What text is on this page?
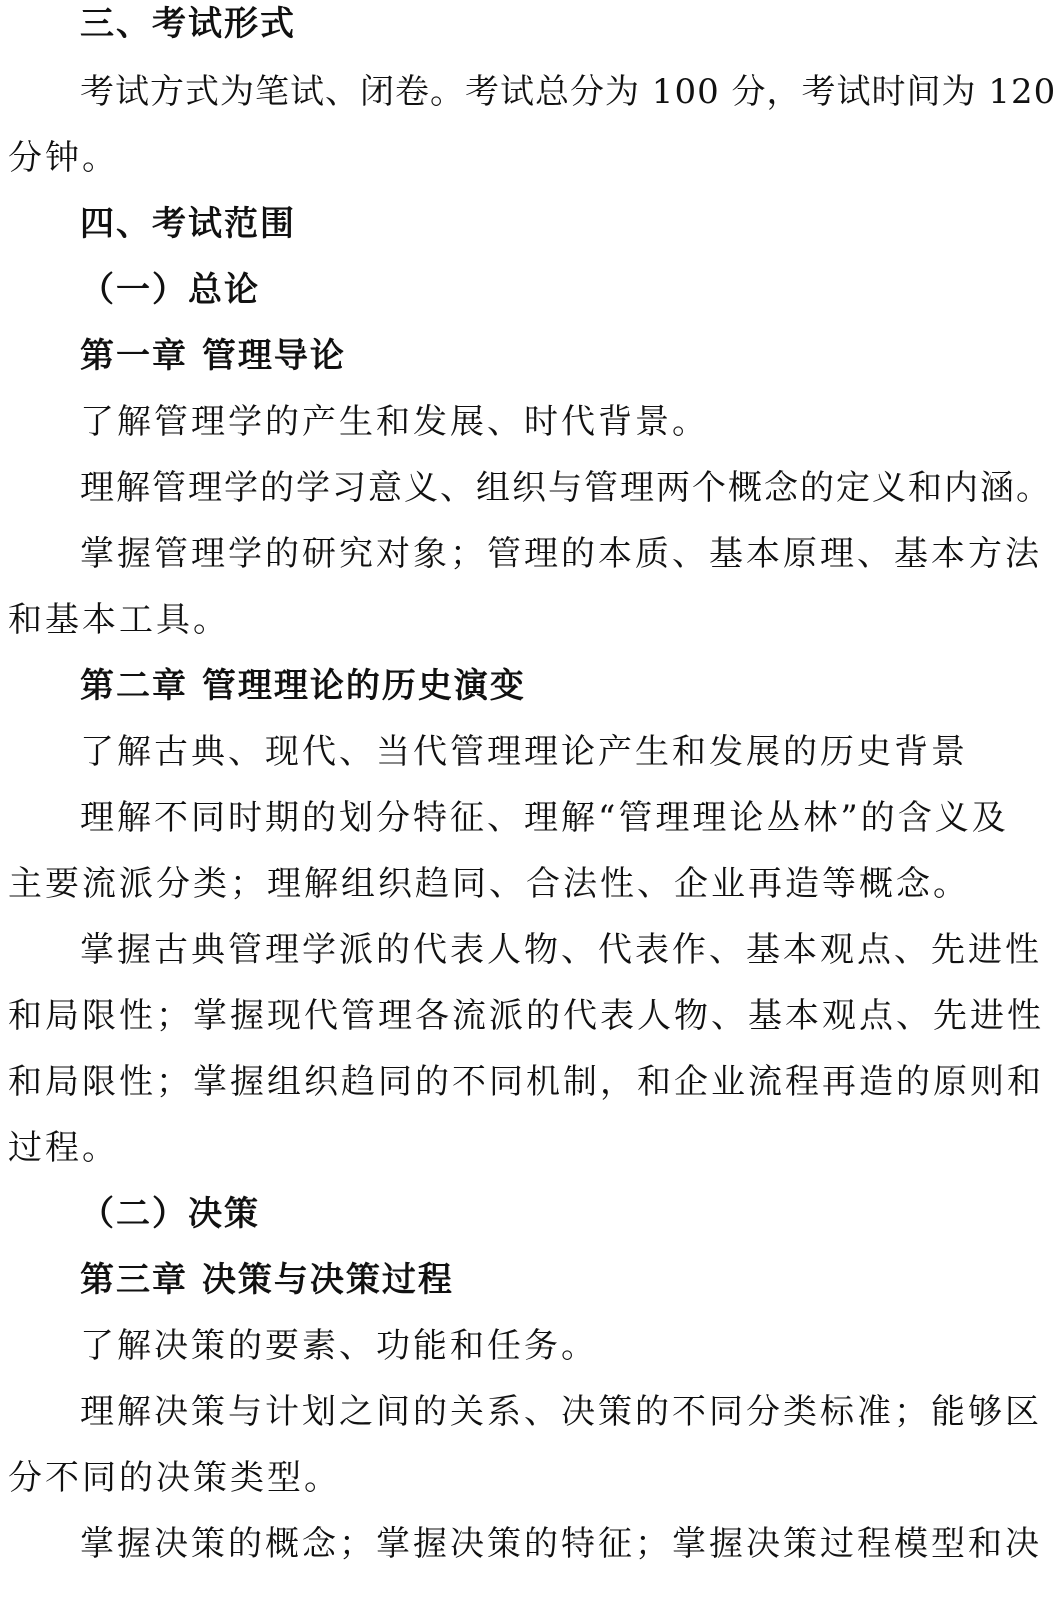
三、考试形式

考试方式为笔试、闭卷。考试总分为 100 分，考试时间为 120

分钟。

四、考试范围

（一）总论

第一章 管理导论

了解管理学的产生和发展、时代背景。

理解管理学的学习意义、组织与管理两个概念的定义和内涵。

掌握管理学的研究对象；管理的本质、基本原理、基本方法

和基本工具。

第二章 管理理论的历史演变

了解古典、现代、当代管理理论产生和发展的历史背景

理解不同时期的划分特征、理解“管理理论丛林”的含义及

主要流派分类；理解组织趋同、合法性、企业再造等概念。

掌握古典管理学派的代表人物、代表作、基本观点、先进性

和局限性；掌握现代管理各流派的代表人物、基本观点、先进性

和局限性；掌握组织趋同的不同机制，和企业流程再造的原则和

过程。

（二）决策

第三章 决策与决策过程

了解决策的要素、功能和任务。

理解决策与计划之间的关系、决策的不同分类标准；能够区

分不同的决策类型。

掌握决策的概念；掌握决策的特征；掌握决策过程模型和决
